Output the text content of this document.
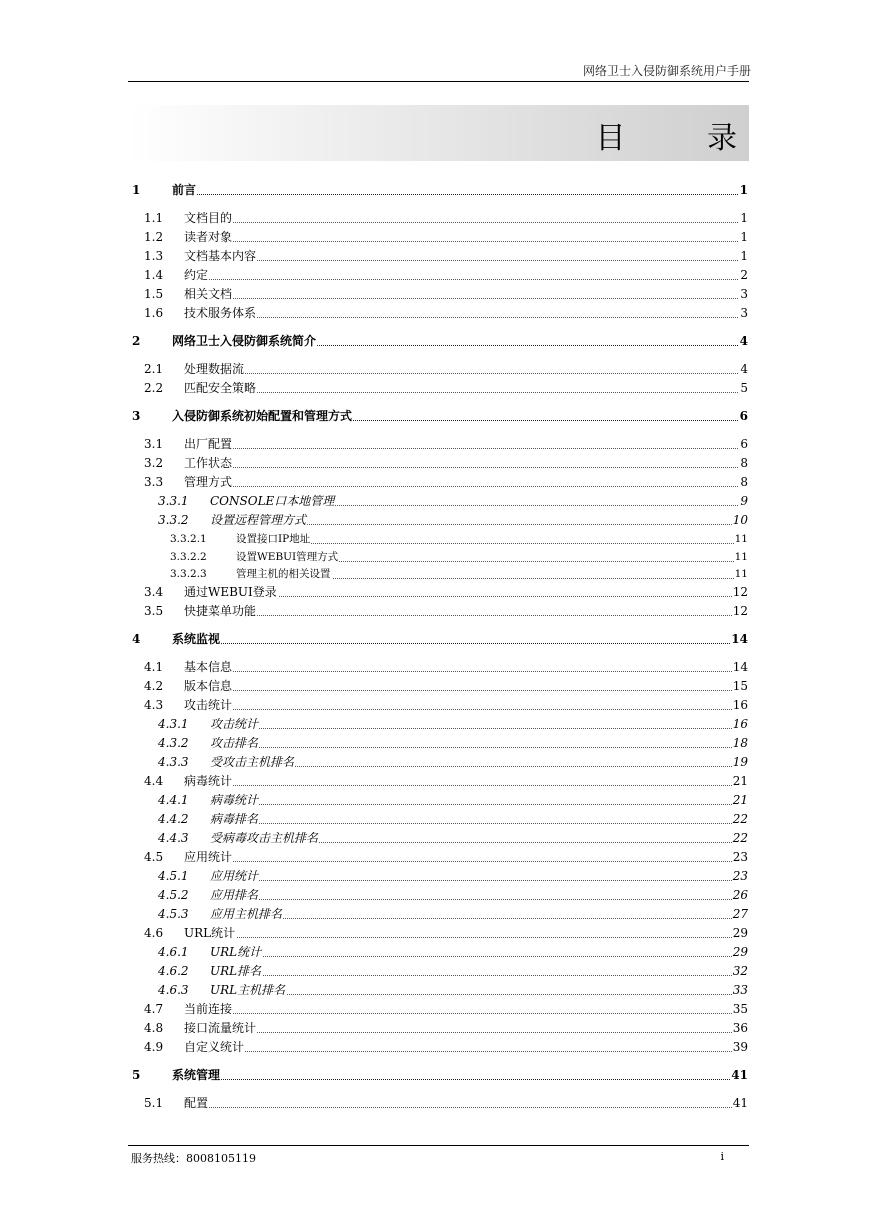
网络卫士入侵防御系统用户手册
目 录
1	前言	1
1.1 文档目的	1
1.2 读者对象	1
1.3 文档基本内容	1
1.4 约定	2
1.5 相关文档	3
1.6 技术服务体系	3
2	网络卫士入侵防御系统简介	4
2.1 处理数据流	4
2.2 匹配安全策略	5
3	入侵防御系统初始配置和管理方式	6
3.1 出厂配置	6
3.2 工作状态	8
3.3 管理方式	8
3.3.1 CONSOLE口本地管理	9
3.3.2 设置远程管理方式	10
3.3.2.1	设置接口IP地址	11
3.3.2.2	设置WEBUI管理方式	11
3.3.2.3	管理主机的相关设置	11
3.4 通过WEBUI登录	12
3.5 快捷菜单功能	12
4	系统监视	14
4.1 基本信息	14
4.2 版本信息	15
4.3 攻击统计	16
4.3.1 攻击统计	16
4.3.2 攻击排名	18
4.3.3 受攻击主机排名	19
4.4 病毒统计	21
4.4.1 病毒统计	21
4.4.2 病毒排名	22
4.4.3 受病毒攻击主机排名	22
4.5 应用统计	23
4.5.1 应用统计	23
4.5.2 应用排名	26
4.5.3 应用主机排名	27
4.6 URL统计	29
4.6.1 URL统计	29
4.6.2 URL排名	32
4.6.3 URL主机排名	33
4.7 当前连接	35
4.8 接口流量统计	36
4.9 自定义统计	39
5	系统管理	41
5.1 配置	41
服务热线：8008105119	i
